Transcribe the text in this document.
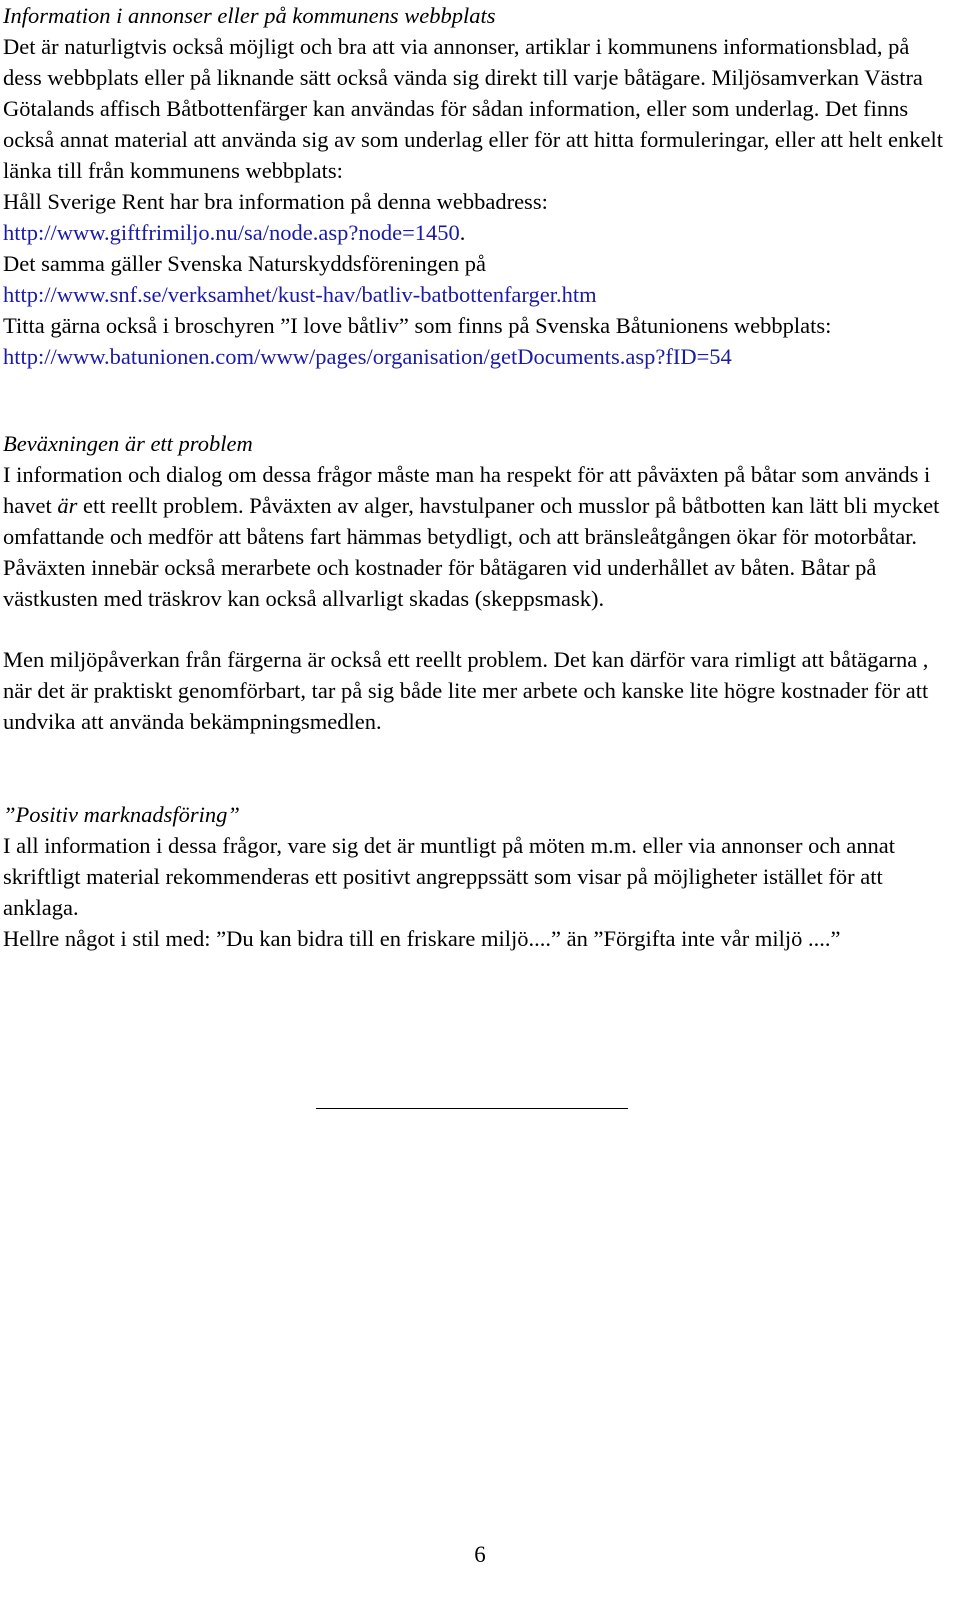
Information i annonser eller på kommunens webbplats

Det är naturligtvis också möjligt och bra att via annonser, artiklar i kommunens informationsblad, på dess webbplats eller på liknande sätt också vända sig direkt till varje båtägare. Miljösamverkan Västra Götalands affisch Båtbottenfärger kan användas för sådan information, eller som underlag. Det finns också annat material att använda sig av som underlag eller för att hitta formuleringar, eller att helt enkelt länka till från kommunens webbplats:

Håll Sverige Rent har bra information på denna webbadress:

http://www.giftfrimiljo.nu/sa/node.asp?node=1450.

Det samma gäller Svenska Naturskyddsföreningen på

http://www.snf.se/verksamhet/kust-hav/batliv-batbottenfarger.htm

Titta gärna också i broschyren ”I love båtliv” som finns på Svenska Båtunionens webbplats:

http://www.batunionen.com/www/pages/organisation/getDocuments.asp?fID=54

Beväxningen är ett problem

I information och dialog om dessa frågor måste man ha respekt för att påväxten på båtar som används i havet är ett reellt problem. Påväxten av alger, havstulpaner och musslor på båtbotten kan lätt bli mycket omfattande och medför att båtens fart hämmas betydligt, och att bränsleåtgången ökar för motorbåtar. Påväxten innebär också merarbete och kostnader för båtägaren vid underhållet av båten. Båtar på västkusten med träskrov kan också allvarligt skadas (skeppsmask).

Men miljöpåverkan från färgerna är också ett reellt problem. Det kan därför vara rimligt att båtägarna , när det är praktiskt genomförbart, tar på sig både lite mer arbete och kanske lite högre kostnader för att undvika att använda bekämpningsmedlen.

”Positiv marknadsföring”

I all information i dessa frågor, vare sig det är muntligt på möten m.m. eller via annonser och annat skriftligt material rekommenderas ett positivt angreppssätt som visar på möjligheter istället för att anklaga.

Hellre något i stil med: ”Du kan bidra till en friskare miljö....” än ”Förgifta inte vår miljö ....”

6
